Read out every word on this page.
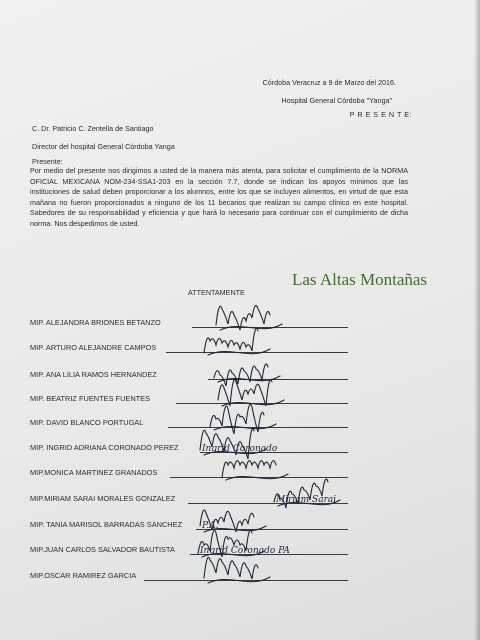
Córdoba Veracruz a 9 de Marzo del 2016.
Hospital General Córdoba "Yanga"
P R E S E N T E:
C. Dr. Patricio C. Zentella de Santiago
Director del hospital General Córdoba Yanga
Presente:
Por medio del presente nos dirigimos a usted de la manera más atenta, para solicitar el cumplimiento de la NORMA OFICIAL MEXICANA NOM-234-SSA1-203 en la sección 7.7, donde se indican los apoyos mínimos que las instituciones de salud deben proporcionar a los alumnos, entre los que se incluyen alimentos, en virtud de que esta mañana no fueron proporcionados a ninguno de los 11 becarios que realizan su campo clínico en este hospital. Sabedores de su responsabilidad y eficiencia y que hará lo necesario para continuar con el cumplimiento de dicha norma. Nos despedimos de usted.
Las Altas Montañas
ATTENTAMENTE
MIP. ALEJANDRA BRIONES BETANZO
MIP. ARTURO ALEJANDRE CAMPOS
MIP. ANA LILIA RAMOS HERNANDEZ
MIP. BEATRIZ FUENTES FUENTES
MIP. DAVID BLANCO PORTUGAL
MIP. INGRID ADRIANA CORONADO PEREZ	Ingrid Coronado
MIP.MONICA MARTINEZ GRANADOS
MIP.MIRIAM SARAI MORALES GONZALEZ	Miriam Sarai
MIP. TANIA MARISOL BARRADAS SANCHEZ P.A.
MIP.JUAN CARLOS SALVADOR BAUTISTA	Ingrid Coronado PA
MIP.OSCAR RAMIREZ GARCIA
